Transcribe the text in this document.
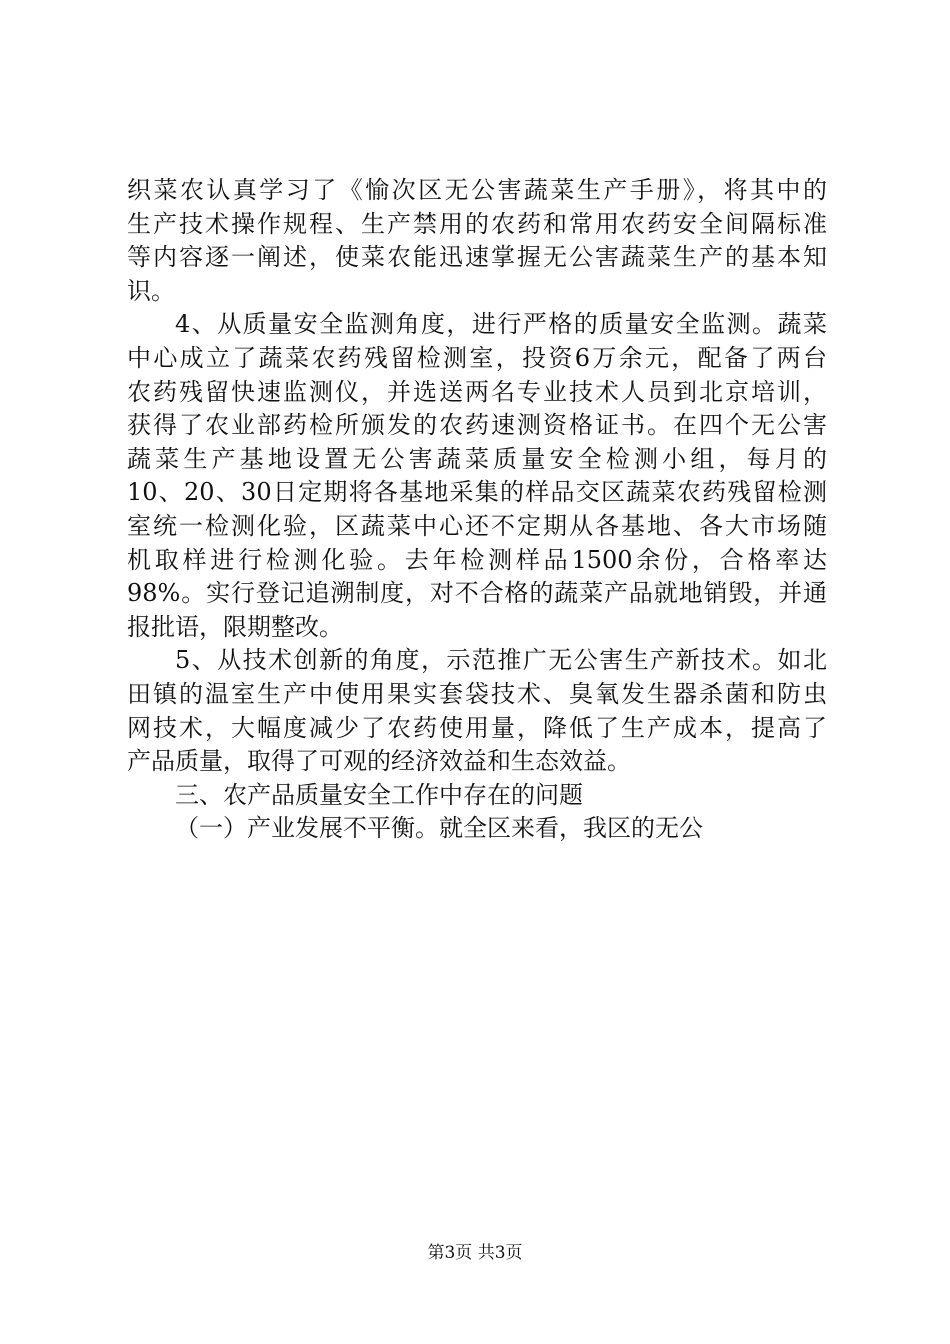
织菜农认真学习了《愉次区无公害蔬菜生产手册》，将其中的
生产技术操作规程、生产禁用的农药和常用农药安全间隔标准
等内容逐一阐述，使菜农能迅速掌握无公害蔬菜生产的基本知
识。
4、从质量安全监测角度，进行严格的质量安全监测。蔬菜
中心成立了蔬菜农药残留检测室，投资6万余元，配备了两台
农药残留快速监测仪，并选送两名专业技术人员到北京培训，
获得了农业部药检所颁发的农药速测资格证书。在四个无公害
蔬菜生产基地设置无公害蔬菜质量安全检测小组，每月的
10、20、30日定期将各基地采集的样品交区蔬菜农药残留检测
室统一检测化验，区蔬菜中心还不定期从各基地、各大市场随
机取样进行检测化验。去年检测样品1500余份，合格率达
98%。实行登记追溯制度，对不合格的蔬菜产品就地销毁，并通
报批语，限期整改。
5、从技术创新的角度，示范推广无公害生产新技术。如北
田镇的温室生产中使用果实套袋技术、臭氧发生器杀菌和防虫
网技术，大幅度减少了农药使用量，降低了生产成本，提高了
产品质量，取得了可观的经济效益和生态效益。
三、农产品质量安全工作中存在的问题
（一）产业发展不平衡。就全区来看，我区的无公
第3页 共3页
